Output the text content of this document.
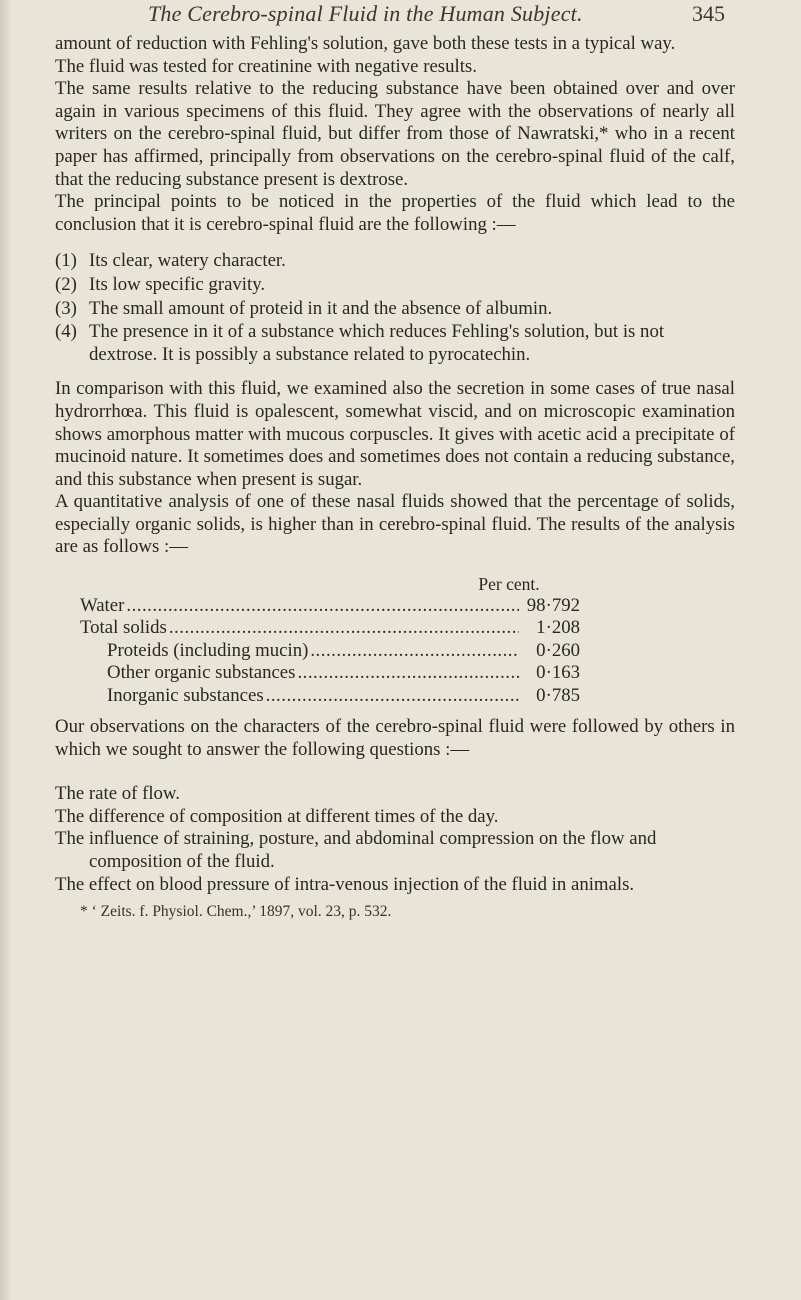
The Cerebro-spinal Fluid in the Human Subject.	345

amount of reduction with Fehling's solution, gave both these tests in a typical way.

The fluid was tested for creatinine with negative results.

The same results relative to the reducing substance have been obtained over and over again in various specimens of this fluid. They agree with the observations of nearly all writers on the cerebro-spinal fluid, but differ from those of Nawratski,* who in a recent paper has affirmed, principally from observations on the cerebro-spinal fluid of the calf, that the reducing substance present is dextrose.

The principal points to be noticed in the properties of the fluid which lead to the conclusion that it is cerebro-spinal fluid are the following :—

(1) Its clear, watery character.
(2) Its low specific gravity.
(3) The small amount of proteid in it and the absence of albumin.
(4) The presence in it of a substance which reduces Fehling's solution, but is not dextrose. It is possibly a substance related to pyrocatechin.

In comparison with this fluid, we examined also the secretion in some cases of true nasal hydrorrhœa. This fluid is opalescent, somewhat viscid, and on microscopic examination shows amorphous matter with mucous corpuscles. It gives with acetic acid a precipitate of mucinoid nature. It sometimes does and sometimes does not contain a reducing substance, and this substance when present is sugar.

A quantitative analysis of one of these nasal fluids showed that the percentage of solids, especially organic solids, is higher than in cerebro-spinal fluid. The results of the analysis are as follows :—

Per cent.
Water .....	98·792
Total solids .....	1·208
Proteids (including mucin) .....	0·260
Other organic substances .....	0·163
Inorganic substances .....	0·785

Our observations on the characters of the cerebro-spinal fluid were followed by others in which we sought to answer the following questions :—

The rate of flow.

The difference of composition at different times of the day.

The influence of straining, posture, and abdominal compression on the flow and composition of the fluid.

The effect on blood pressure of intra-venous injection of the fluid in animals.

* ‘ Zeits. f. Physiol. Chem.,’ 1897, vol. 23, p. 532.
